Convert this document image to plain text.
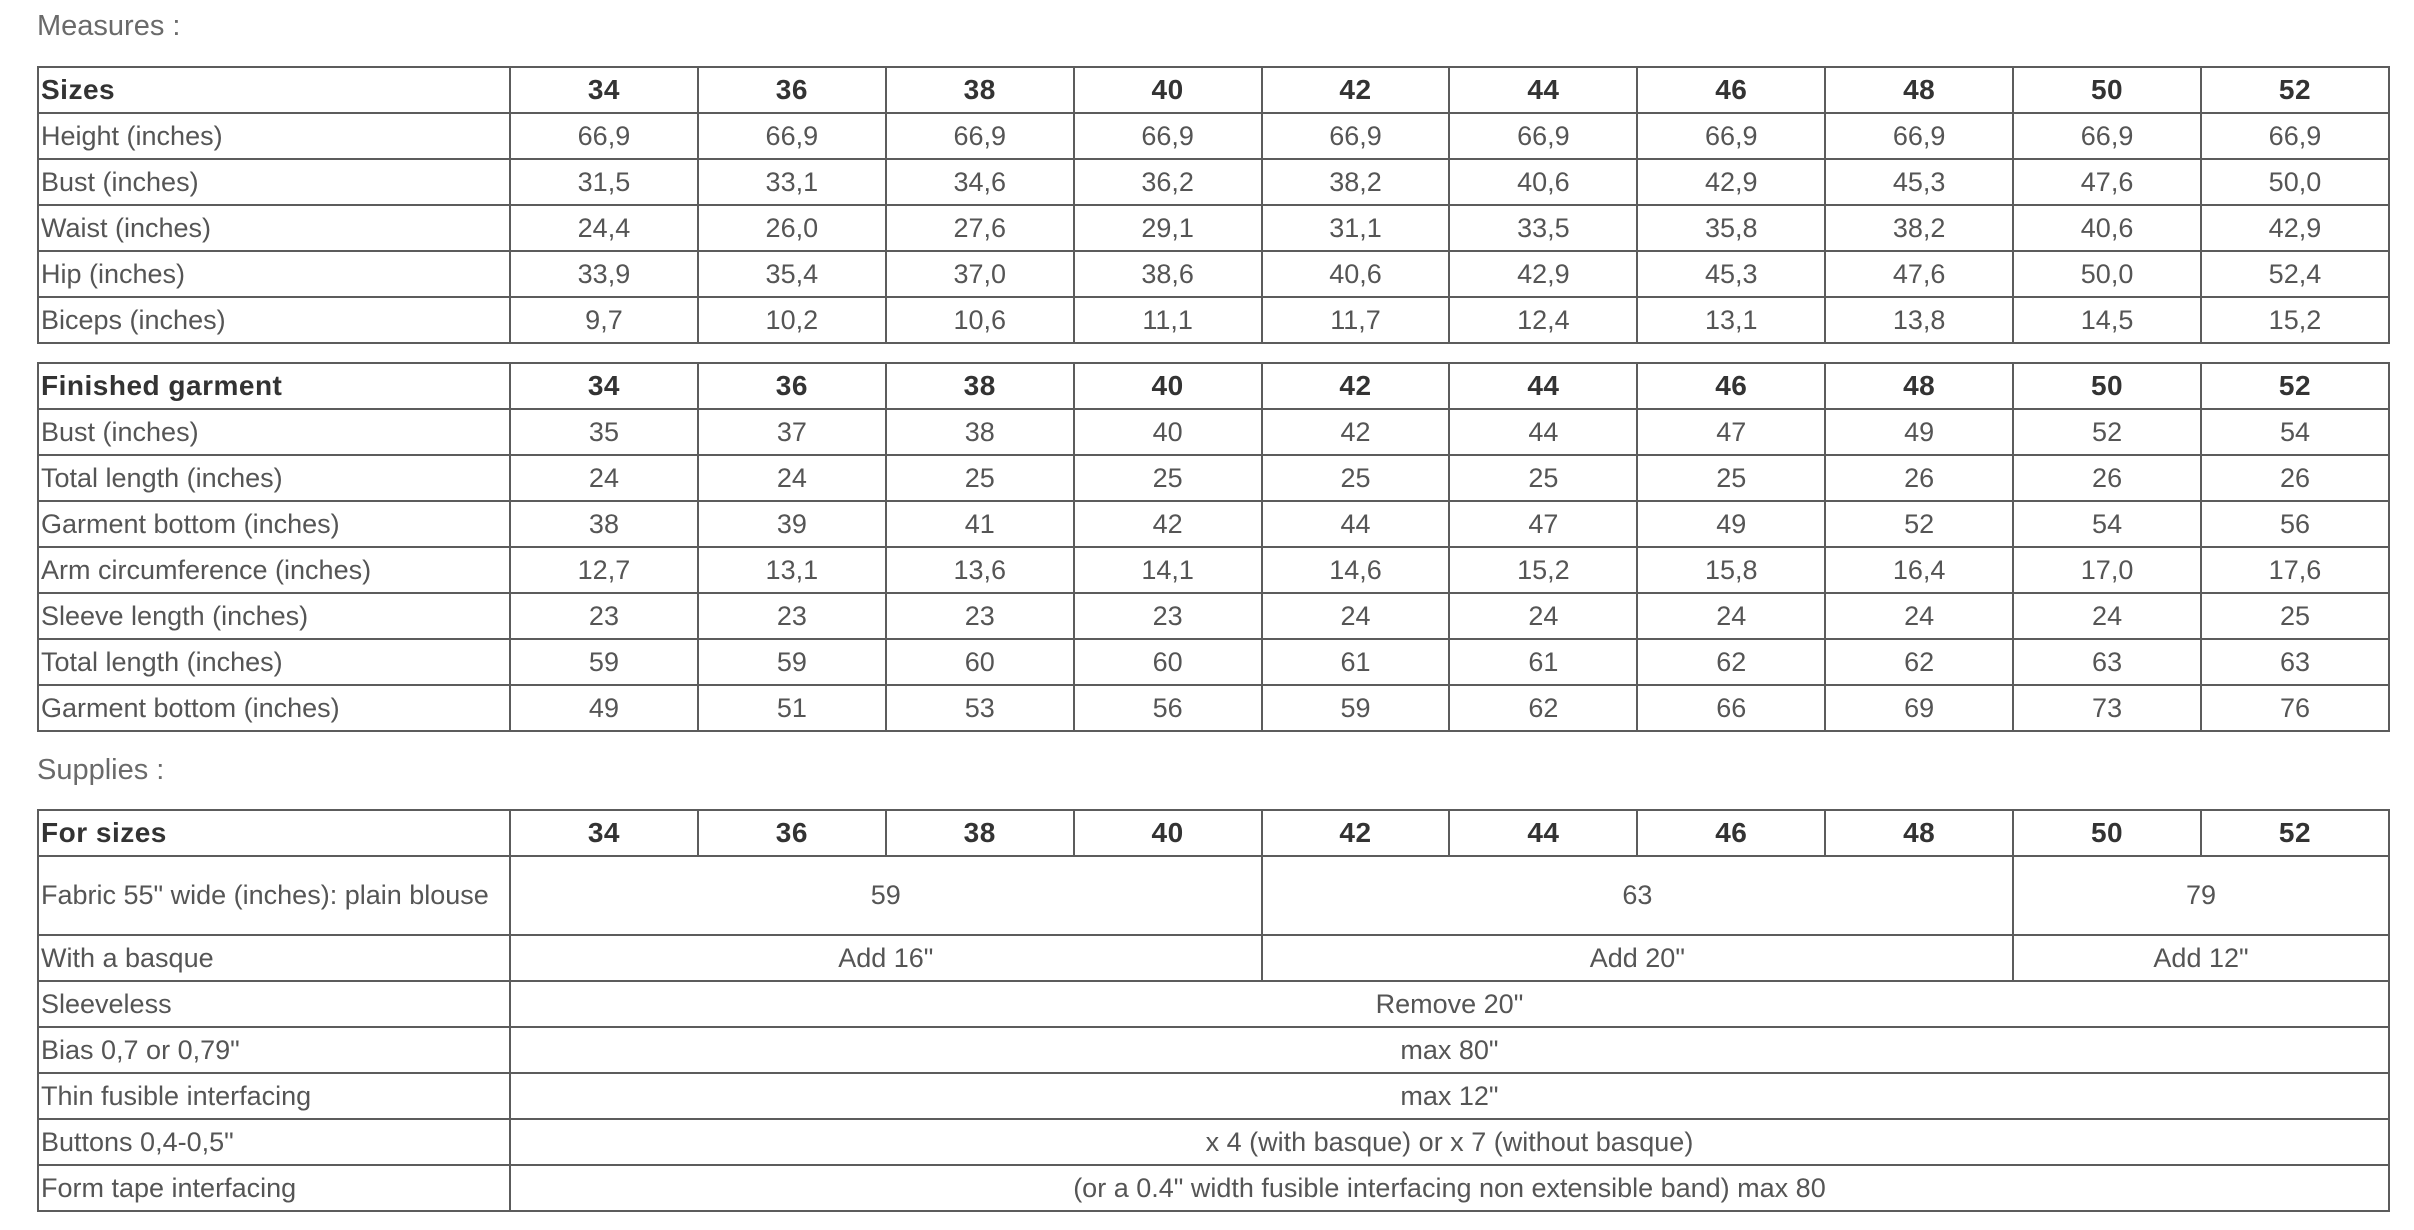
Measures :
Sizes	34	36	38	40	42	44	46	48	50	52
Height (inches)	66,9	66,9	66,9	66,9	66,9	66,9	66,9	66,9	66,9	66,9
Bust (inches)	31,5	33,1	34,6	36,2	38,2	40,6	42,9	45,3	47,6	50,0
Waist (inches)	24,4	26,0	27,6	29,1	31,1	33,5	35,8	38,2	40,6	42,9
Hip (inches)	33,9	35,4	37,0	38,6	40,6	42,9	45,3	47,6	50,0	52,4
Biceps (inches)	9,7	10,2	10,6	11,1	11,7	12,4	13,1	13,8	14,5	15,2
Finished garment	34	36	38	40	42	44	46	48	50	52
Bust (inches)	35	37	38	40	42	44	47	49	52	54
Total length (inches)	24	24	25	25	25	25	25	26	26	26
Garment bottom (inches)	38	39	41	42	44	47	49	52	54	56
Arm circumference (inches)	12,7	13,1	13,6	14,1	14,6	15,2	15,8	16,4	17,0	17,6
Sleeve length (inches)	23	23	23	23	24	24	24	24	24	25
Total length (inches)	59	59	60	60	61	61	62	62	63	63
Garment bottom (inches)	49	51	53	56	59	62	66	69	73	76
Supplies :
For sizes	34	36	38	40	42	44	46	48	50	52
Fabric 55" wide (inches): plain blouse	59				63				79	
With a basque	Add 16"				Add 20"				Add 12"	
Sleeveless	Remove 20"									
Bias 0,7 or 0,79"	max 80"									
Thin fusible interfacing	max 12"									
Buttons 0,4-0,5"	x 4 (with basque) or x 7 (without basque)									
Form tape interfacing	(or a 0.4" width fusible interfacing non extensible band) max 80									
